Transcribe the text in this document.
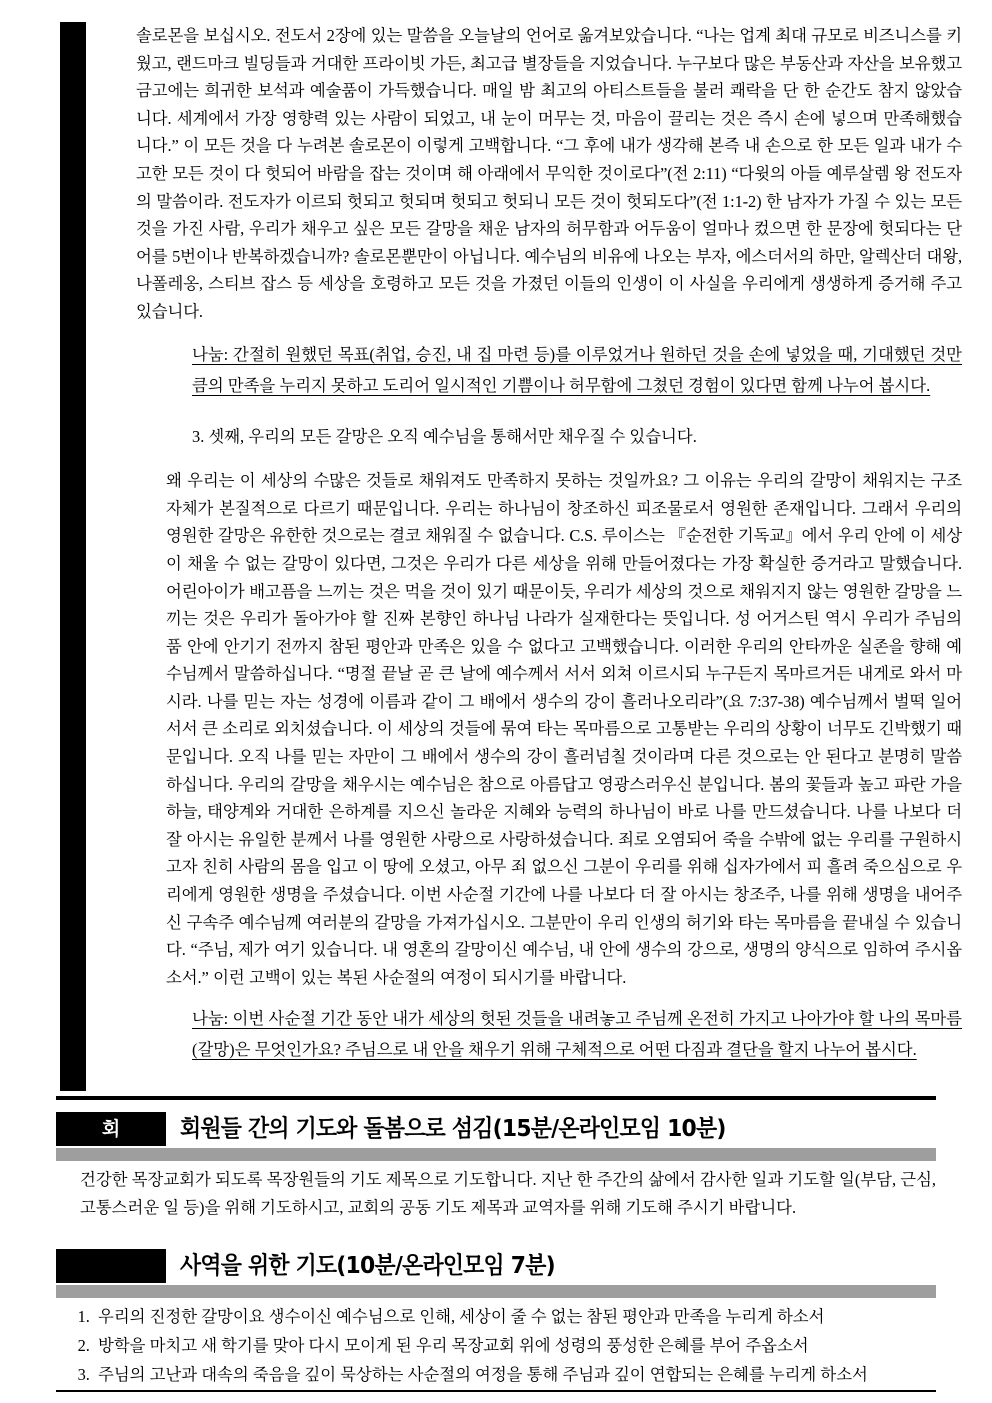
솔로몬을 보십시오. 전도서 2장에 있는 말씀을 오늘날의 언어로 옮겨보았습니다. “나는 업계 최대 규모로 비즈니스를 키웠고, 랜드마크 빌딩들과 거대한 프라이빗 가든, 최고급 별장들을 지었습니다. 누구보다 많은 부동산과 자산을 보유했고 금고에는 희귀한 보석과 예술품이 가득했습니다. 매일 밤 최고의 아티스트들을 불러 쾌락을 단 한 순간도 참지 않았습니다. 세계에서 가장 영향력 있는 사람이 되었고, 내 눈이 머무는 것, 마음이 끌리는 것은 즉시 손에 넣으며 만족해했습니다.” 이 모든 것을 다 누려본 솔로몬이 이렇게 고백합니다. “그 후에 내가 생각해 본즉 내 손으로 한 모든 일과 내가 수고한 모든 것이 다 헛되어 바람을 잡는 것이며 해 아래에서 무익한 것이로다”(전 2:11) “다윗의 아들 예루살렘 왕 전도자의 말씀이라. 전도자가 이르되 헛되고 헛되며 헛되고 헛되니 모든 것이 헛되도다”(전 1:1-2) 한 남자가 가질 수 있는 모든 것을 가진 사람, 우리가 채우고 싶은 모든 갈망을 채운 남자의 허무함과 어두움이 얼마나 컸으면 한 문장에 헛되다는 단어를 5번이나 반복하겠습니까? 솔로몬뿐만이 아닙니다. 예수님의 비유에 나오는 부자, 에스더서의 하만, 알렉산더 대왕, 나폴레옹, 스티브 잡스 등 세상을 호령하고 모든 것을 가졌던 이들의 인생이 이 사실을 우리에게 생생하게 증거해 주고 있습니다.

나눔: 간절히 원했던 목표(취업, 승진, 내 집 마련 등)를 이루었거나 원하던 것을 손에 넣었을 때, 기대했던 것만큼의 만족을 누리지 못하고 도리어 일시적인 기쁨이나 허무함에 그쳤던 경험이 있다면 함께 나누어 봅시다.

3. 셋째, 우리의 모든 갈망은 오직 예수님을 통해서만 채우질 수 있습니다.

왜 우리는 이 세상의 수많은 것들로 채워져도 만족하지 못하는 것일까요? 그 이유는 우리의 갈망이 채워지는 구조 자체가 본질적으로 다르기 때문입니다. 우리는 하나님이 창조하신 피조물로서 영원한 존재입니다. 그래서 우리의 영원한 갈망은 유한한 것으로는 결코 채워질 수 없습니다. C.S. 루이스는 『순전한 기독교』에서 우리 안에 이 세상이 채울 수 없는 갈망이 있다면, 그것은 우리가 다른 세상을 위해 만들어졌다는 가장 확실한 증거라고 말했습니다. 어린아이가 배고픔을 느끼는 것은 먹을 것이 있기 때문이듯, 우리가 세상의 것으로 채워지지 않는 영원한 갈망을 느끼는 것은 우리가 돌아가야 할 진짜 본향인 하나님 나라가 실재한다는 뜻입니다. 성 어거스틴 역시 우리가 주님의 품 안에 안기기 전까지 참된 평안과 만족은 있을 수 없다고 고백했습니다. 이러한 우리의 안타까운 실존을 향해 예수님께서 말씀하십니다. “명절 끝날 곧 큰 날에 예수께서 서서 외쳐 이르시되 누구든지 목마르거든 내게로 와서 마시라. 나를 믿는 자는 성경에 이름과 같이 그 배에서 생수의 강이 흘러나오리라”(요 7:37-38) 예수님께서 벌떡 일어서서 큰 소리로 외치셨습니다. 이 세상의 것들에 묶여 타는 목마름으로 고통받는 우리의 상황이 너무도 긴박했기 때문입니다. 오직 나를 믿는 자만이 그 배에서 생수의 강이 흘러넘칠 것이라며 다른 것으로는 안 된다고 분명히 말씀하십니다. 우리의 갈망을 채우시는 예수님은 참으로 아름답고 영광스러우신 분입니다. 봄의 꽃들과 높고 파란 가을 하늘, 태양계와 거대한 은하계를 지으신 놀라운 지혜와 능력의 하나님이 바로 나를 만드셨습니다. 나를 나보다 더 잘 아시는 유일한 분께서 나를 영원한 사랑으로 사랑하셨습니다. 죄로 오염되어 죽을 수밖에 없는 우리를 구원하시고자 친히 사람의 몸을 입고 이 땅에 오셨고, 아무 죄 없으신 그분이 우리를 위해 십자가에서 피 흘려 죽으심으로 우리에게 영원한 생명을 주셨습니다. 이번 사순절 기간에 나를 나보다 더 잘 아시는 창조주, 나를 위해 생명을 내어주신 구속주 예수님께 여러분의 갈망을 가져가십시오. 그분만이 우리 인생의 허기와 타는 목마름을 끝내실 수 있습니다. “주님, 제가 여기 있습니다. 내 영혼의 갈망이신 예수님, 내 안에 생수의 강으로, 생명의 양식으로 임하여 주시옵소서.” 이런 고백이 있는 복된 사순절의 여정이 되시기를 바랍니다.

나눔: 이번 사순절 기간 동안 내가 세상의 헛된 것들을 내려놓고 주님께 온전히 가지고 나아가야 할 나의 목마름(갈망)은 무엇인가요? 주님으로 내 안을 채우기 위해 구체적으로 어떤 다짐과 결단을 할지 나누어 봅시다.

회	회원들 간의 기도와 돌봄으로 섬김(15분/온라인모임 10분)

건강한 목장교회가 되도록 목장원들의 기도 제목으로 기도합니다. 지난 한 주간의 삶에서 감사한 일과 기도할 일(부담, 근심, 고통스러운 일 등)을 위해 기도하시고, 교회의 공동 기도 제목과 교역자를 위해 기도해 주시기 바랍니다.

사역을 위한 기도(10분/온라인모임 7분)
1. 우리의 진정한 갈망이요 생수이신 예수님으로 인해, 세상이 줄 수 없는 참된 평안과 만족을 누리게 하소서
2. 방학을 마치고 새 학기를 맞아 다시 모이게 된 우리 목장교회 위에 성령의 풍성한 은혜를 부어 주옵소서
3. 주님의 고난과 대속의 죽음을 깊이 묵상하는 사순절의 여정을 통해 주님과 깊이 연합되는 은혜를 누리게 하소서
